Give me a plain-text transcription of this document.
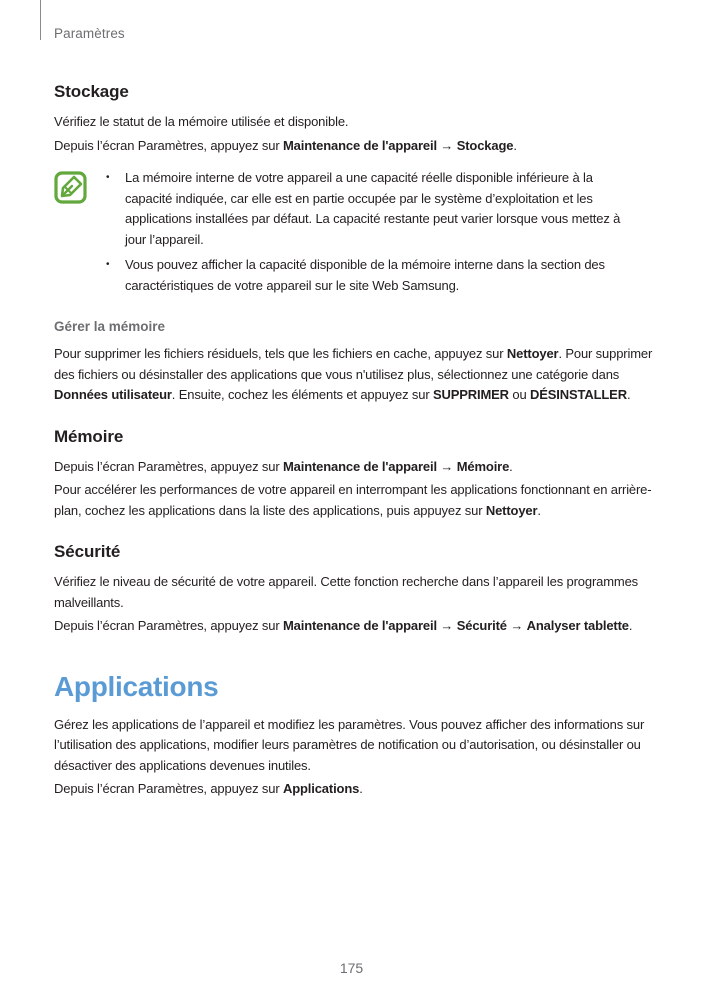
Paramètres
Stockage

Vérifiez le statut de la mémoire utilisée et disponible.

Depuis l’écran Paramètres, appuyez sur Maintenance de l'appareil → Stockage.

• La mémoire interne de votre appareil a une capacité réelle disponible inférieure à la capacité indiquée, car elle est en partie occupée par le système d’exploitation et les applications installées par défaut. La capacité restante peut varier lorsque vous mettez à jour l’appareil.
• Vous pouvez afficher la capacité disponible de la mémoire interne dans la section des caractéristiques de votre appareil sur le site Web Samsung.
Gérer la mémoire

Pour supprimer les fichiers résiduels, tels que les fichiers en cache, appuyez sur Nettoyer. Pour supprimer des fichiers ou désinstaller des applications que vous n'utilisez plus, sélectionnez une catégorie dans Données utilisateur. Ensuite, cochez les éléments et appuyez sur SUPPRIMER ou DÉSINSTALLER.

Mémoire

Depuis l’écran Paramètres, appuyez sur Maintenance de l'appareil → Mémoire.

Pour accélérer les performances de votre appareil en interrompant les applications fonctionnant en arrière-plan, cochez les applications dans la liste des applications, puis appuyez sur Nettoyer.

Sécurité

Vérifiez le niveau de sécurité de votre appareil. Cette fonction recherche dans l’appareil les programmes malveillants.

Depuis l’écran Paramètres, appuyez sur Maintenance de l'appareil → Sécurité → Analyser tablette.

Applications

Gérez les applications de l’appareil et modifiez les paramètres. Vous pouvez afficher des informations sur l’utilisation des applications, modifier leurs paramètres de notification ou d’autorisation, ou désinstaller ou désactiver des applications devenues inutiles.

Depuis l’écran Paramètres, appuyez sur Applications.

175
